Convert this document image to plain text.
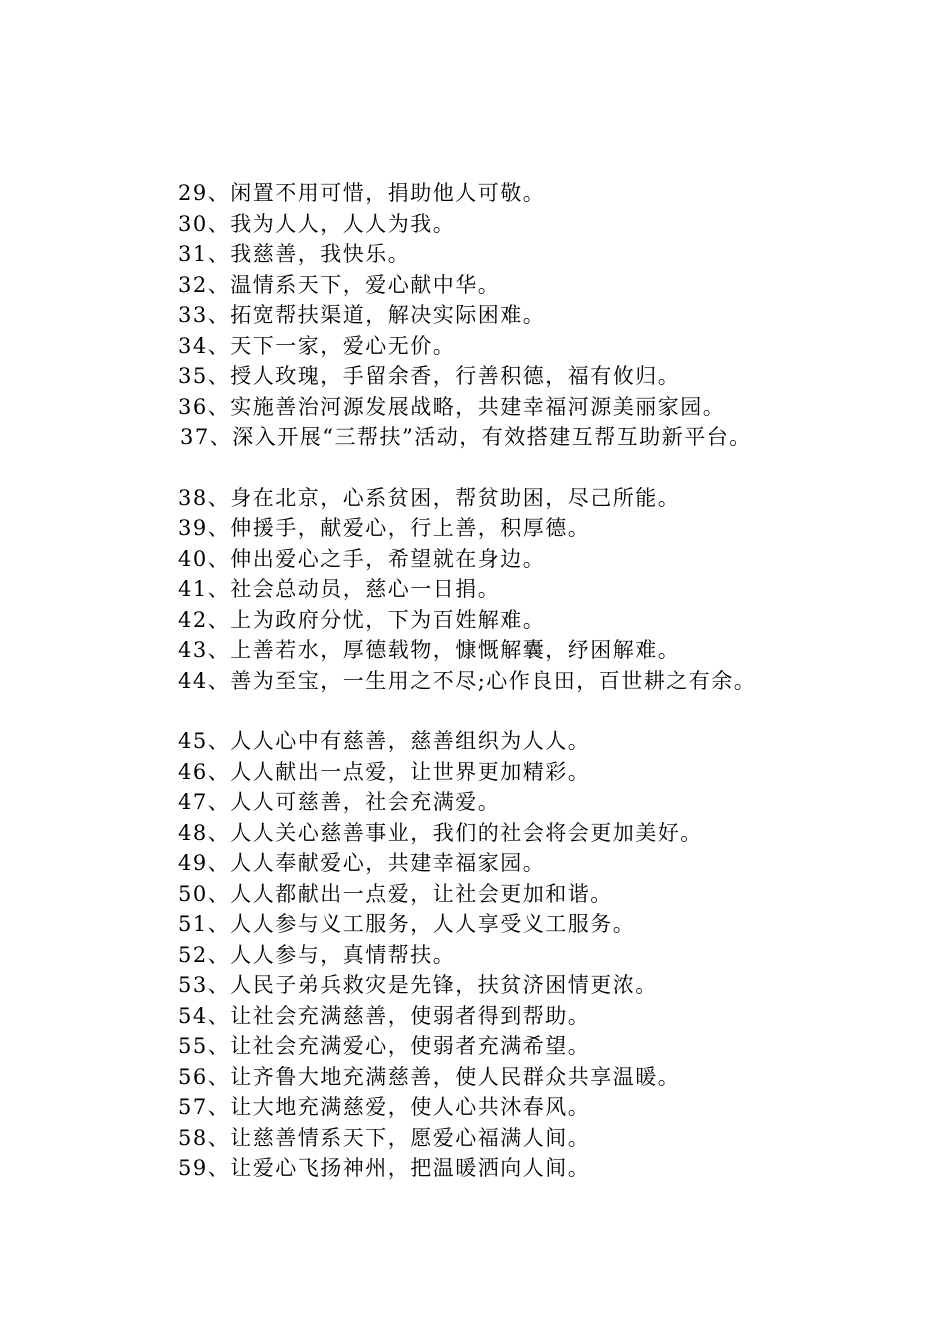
29、闲置不用可惜，捐助他人可敬。
30、我为人人，人人为我。
31、我慈善，我快乐。
32、温情系天下，爱心献中华。
33、拓宽帮扶渠道，解决实际困难。
34、天下一家，爱心无价。
35、授人玫瑰，手留余香，行善积德，福有攸归。
36、实施善治河源发展战略，共建幸福河源美丽家园。
37、深入开展“三帮扶”活动，有效搭建互帮互助新平台。
38、身在北京，心系贫困，帮贫助困，尽己所能。
39、伸援手，献爱心，行上善，积厚德。
40、伸出爱心之手，希望就在身边。
41、社会总动员，慈心一日捐。
42、上为政府分忧，下为百姓解难。
43、上善若水，厚德载物，慷慨解囊，纾困解难。
44、善为至宝，一生用之不尽;心作良田，百世耕之有余。
45、人人心中有慈善，慈善组织为人人。
46、人人献出一点爱，让世界更加精彩。
47、人人可慈善，社会充满爱。
48、人人关心慈善事业，我们的社会将会更加美好。
49、人人奉献爱心，共建幸福家园。
50、人人都献出一点爱，让社会更加和谐。
51、人人参与义工服务，人人享受义工服务。
52、人人参与，真情帮扶。
53、人民子弟兵救灾是先锋，扶贫济困情更浓。
54、让社会充满慈善，使弱者得到帮助。
55、让社会充满爱心，使弱者充满希望。
56、让齐鲁大地充满慈善，使人民群众共享温暖。
57、让大地充满慈爱，使人心共沐春风。
58、让慈善情系天下，愿爱心福满人间。
59、让爱心飞扬神州，把温暖洒向人间。
